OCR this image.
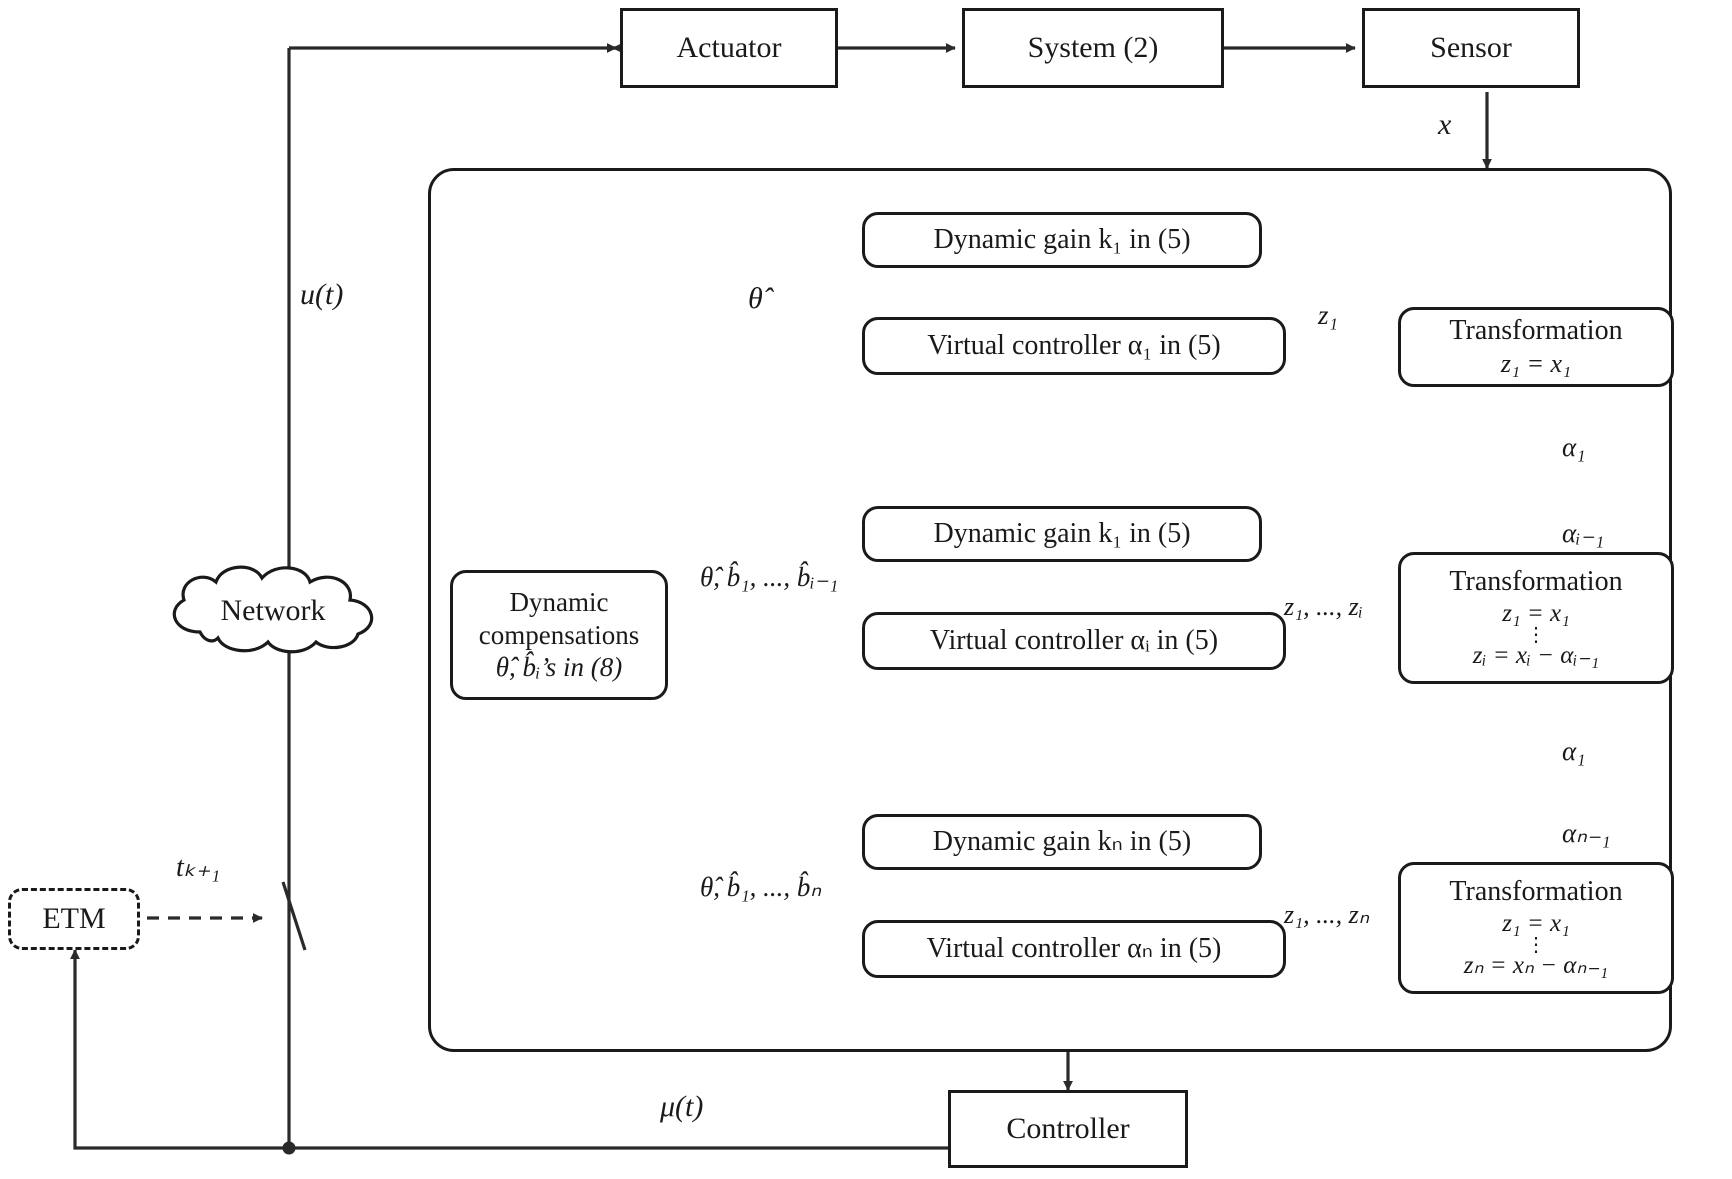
Actuator	System (2)	Sensor
Dynamic gain k₁ in (5)
Virtual controller α₁ in (5)	Transformation
z₁ = x₁
Dynamic gain k₁ in (5)
Virtual controller αᵢ in (5)
Transformation
z₁ = x₁
⋮
zᵢ = xᵢ − αᵢ₋₁
Dynamic gain kₙ in (5)
Virtual controller αₙ in (5)
Transformation
z₁ = x₁
⋮
zₙ = xₙ − αₙ₋₁
Dynamic
compensations
θ̂, b̂ᵢ’s in (8)
Controller
ETM
Network
u(t)
x
θ̂	z₁
α₁
αᵢ₋₁
α₁
αₙ₋₁
z₁, ..., zᵢ
z₁, ..., zₙ
θ̂, b̂₁, ..., b̂ᵢ₋₁
θ̂, b̂₁, ..., b̂ₙ
tₖ₊₁
μ(t)
